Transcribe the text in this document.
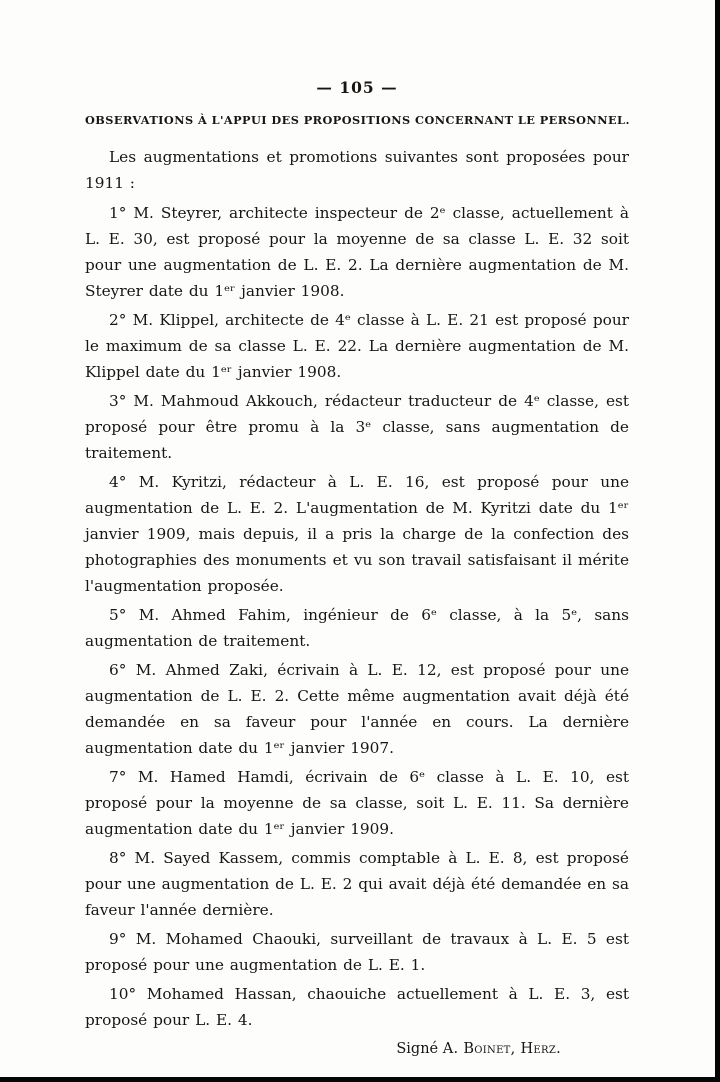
— 105 —
OBSERVATIONS À L'APPUI DES PROPOSITIONS CONCERNANT LE PERSONNEL.

Les augmentations et promotions suivantes sont proposées pour 1911 :

1° M. Steyrer, architecte inspecteur de 2ᵉ classe, actuellement à L. E. 30, est proposé pour la moyenne de sa classe L. E. 32 soit pour une augmentation de L. E. 2. La dernière augmentation de M. Steyrer date du 1ᵉʳ janvier 1908.

2° M. Klippel, architecte de 4ᵉ classe à L. E. 21 est proposé pour le maximum de sa classe L. E. 22. La dernière augmentation de M. Klippel date du 1ᵉʳ janvier 1908.

3° M. Mahmoud Akkouch, rédacteur traducteur de 4ᵉ classe, est proposé pour être promu à la 3ᵉ classe, sans augmentation de traitement.

4° M. Kyritzi, rédacteur à L. E. 16, est proposé pour une augmentation de L. E. 2. L'augmentation de M. Kyritzi date du 1ᵉʳ janvier 1909, mais depuis, il a pris la charge de la confection des photographies des monuments et vu son travail satisfaisant il mérite l'augmentation proposée.

5° M. Ahmed Fahim, ingénieur de 6ᵉ classe, à la 5ᵉ, sans augmentation de traitement.

6° M. Ahmed Zaki, écrivain à L. E. 12, est proposé pour une augmentation de L. E. 2. Cette même augmentation avait déjà été demandée en sa faveur pour l'année en cours. La dernière augmentation date du 1ᵉʳ janvier 1907.

7° M. Hamed Hamdi, écrivain de 6ᵉ classe à L. E. 10, est proposé pour la moyenne de sa classe, soit L. E. 11. Sa dernière augmentation date du 1ᵉʳ janvier 1909.

8° M. Sayed Kassem, commis comptable à L. E. 8, est proposé pour une augmentation de L. E. 2 qui avait déjà été demandée en sa faveur l'année dernière.

9° M. Mohamed Chaouki, surveillant de travaux à L. E. 5 est proposé pour une augmentation de L. E. 1.

10° Mohamed Hassan, chaouiche actuellement à L. E. 3, est proposé pour L. E. 4.

Signé A. Boinet, Herz.
